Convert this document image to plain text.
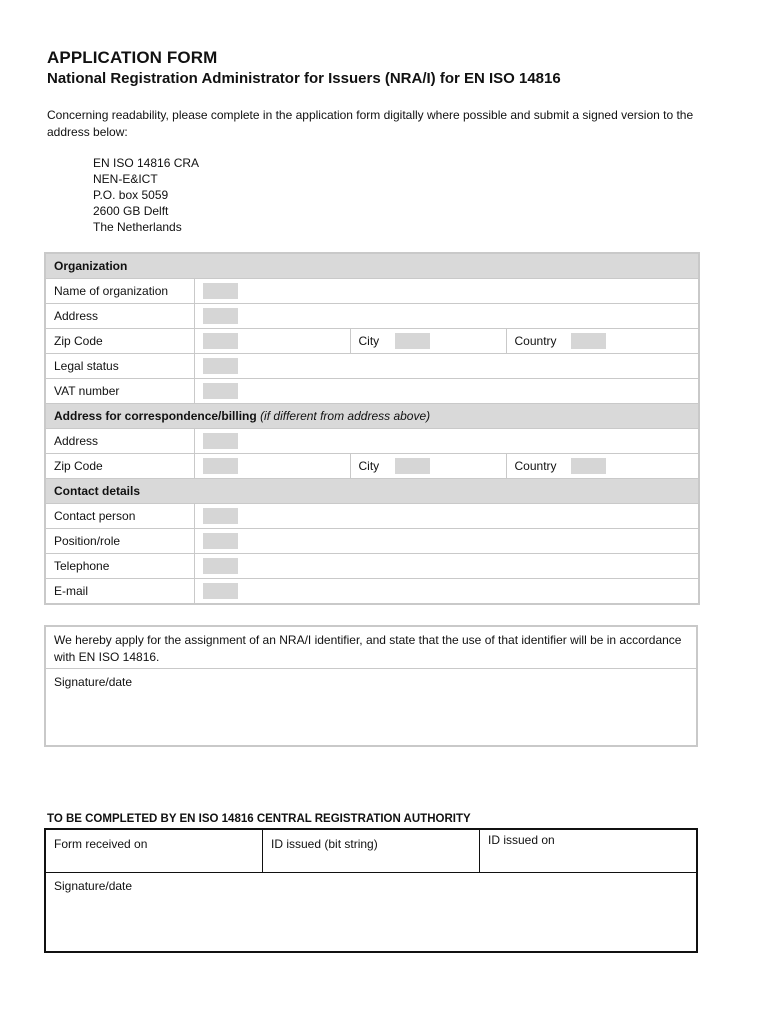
APPLICATION FORM
National Registration Administrator for Issuers (NRA/I) for EN ISO 14816
Concerning readability, please complete in the application form digitally where possible and submit a signed version to the address below:
EN ISO 14816 CRA
NEN-E&ICT
P.O. box 5059
2600 GB Delft
The Netherlands
Organization			
Name of organization			
Address			
Zip Code		City	Country
Legal status			
VAT number			
Address for correspondence/billing (if different from address above)			
Address			
Zip Code		City	Country
Contact details			
Contact person			
Position/role			
Telephone			
E-mail			
We hereby apply for the assignment of an NRA/I identifier, and state that the use of that identifier will be in accordance with EN ISO 14816.
Signature/date
TO BE COMPLETED BY EN ISO 14816 CENTRAL REGISTRATION AUTHORITY
Form received on	ID issued (bit string)	ID issued on
Signature/date
